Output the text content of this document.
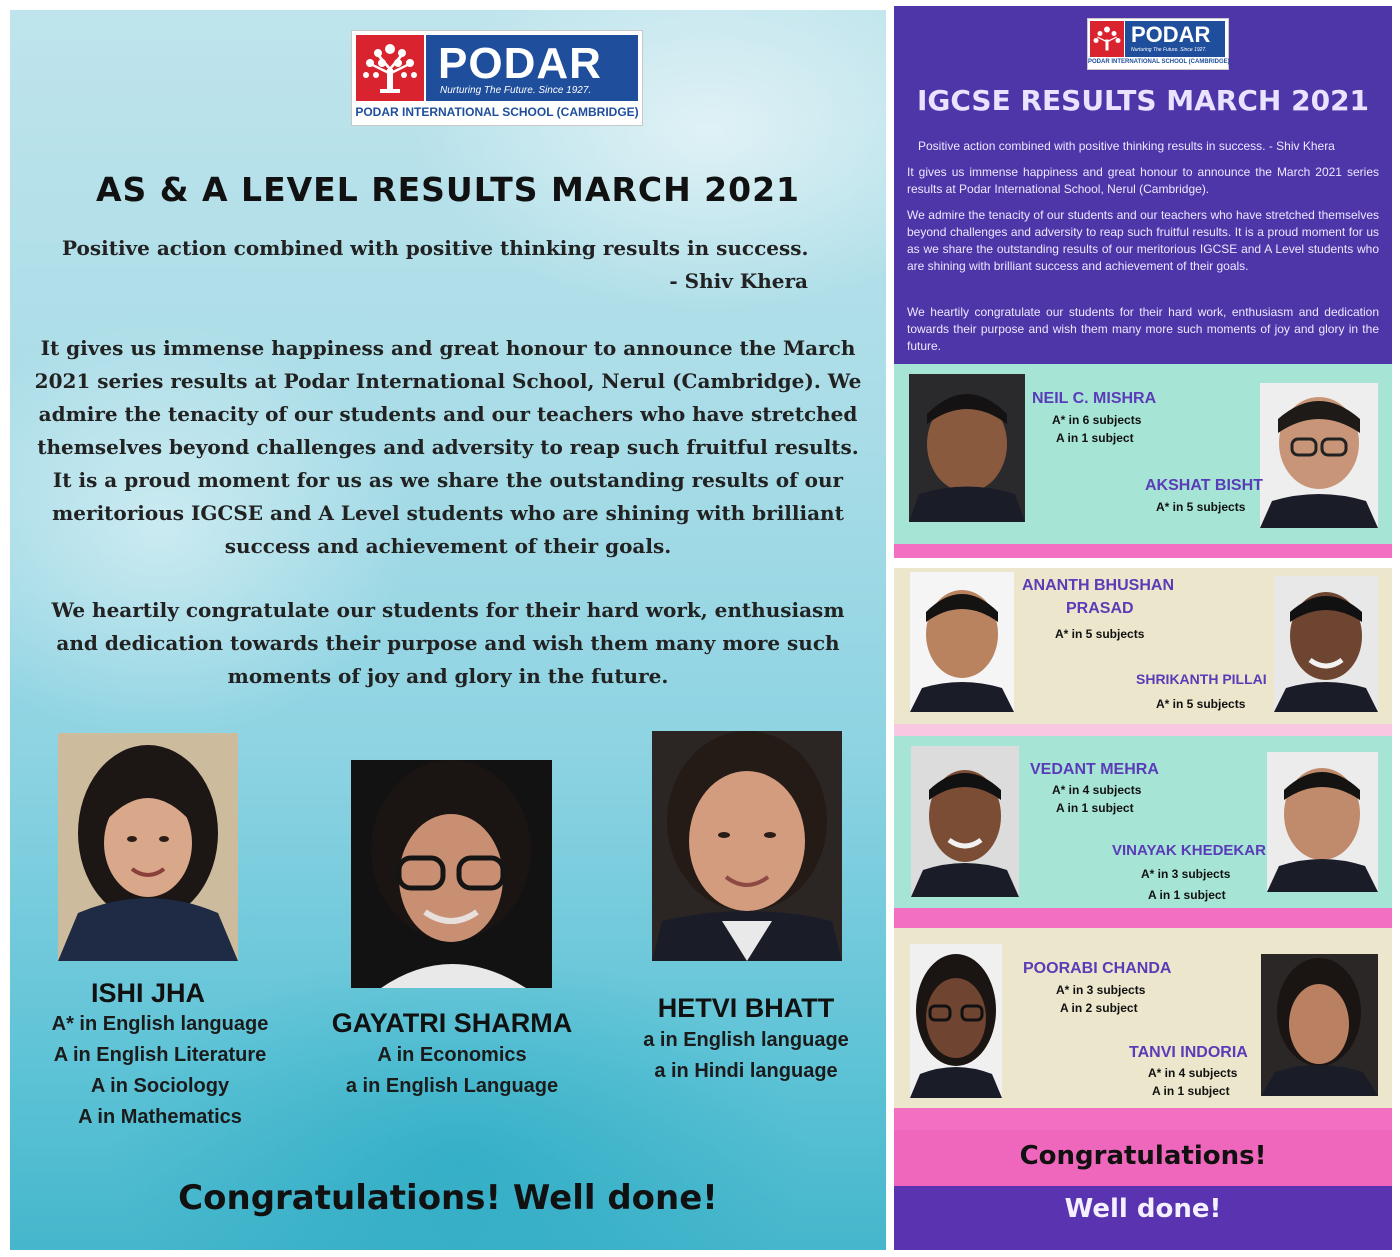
PODAR
Nurturing The Future. Since 1927.
PODAR INTERNATIONAL SCHOOL (CAMBRIDGE)
AS & A LEVEL RESULTS MARCH 2021
Positive action combined with positive thinking results in success.
- Shiv Khera

It gives us immense happiness and great honour to announce the March 2021 series results at Podar International School, Nerul (Cambridge). We admire the tenacity of our students and our teachers who have stretched themselves beyond challenges and adversity to reap such fruitful results. It is a proud moment for us as we share the outstanding results of our meritorious IGCSE and A Level students who are shining with brilliant success and achievement of their goals.

We heartily congratulate our students for their hard work, enthusiasm and dedication towards their purpose and wish them many more such moments of joy and glory in the future.

ISHI JHA
A* in English language
A in English Literature
A in Sociology
A in Mathematics
GAYATRI SHARMA
A in Economics
a in English Language
HETVI BHATT
a in English language
a in Hindi language
Congratulations! Well done!
PODAR
Nurturing The Future. Since 1927.
PODAR INTERNATIONAL SCHOOL (CAMBRIDGE)
IGCSE RESULTS MARCH 2021
Positive action combined with positive thinking results in success. - Shiv Khera

It gives us immense happiness and great honour to announce the March 2021 series results at Podar International School, Nerul (Cambridge).

We admire the tenacity of our students and our teachers who have stretched themselves beyond challenges and adversity to reap such fruitful results. It is a proud moment for us as we share the outstanding results of our meritorious IGCSE and A Level students who are shining with brilliant success and achievement of their goals.

We heartily congratulate our students for their hard work, enthusiasm and dedication towards their purpose and wish them many more such moments of joy and glory in the future.

NEIL C. MISHRA
A* in 6 subjects
A in 1 subject
AKSHAT BISHT
A* in 5 subjects
ANANTH BHUSHAN
PRASAD
A* in 5 subjects
SHRIKANTH PILLAI
A* in 5 subjects
VEDANT MEHRA
A* in 4 subjects
A in 1 subject
VINAYAK KHEDEKAR
A* in 3 subjects
A in 1 subject
POORABI CHANDA
A* in 3 subjects
A in 2 subject
TANVI INDORIA
A* in 4 subjects
A in 1 subject
Congratulations!
Well done!
